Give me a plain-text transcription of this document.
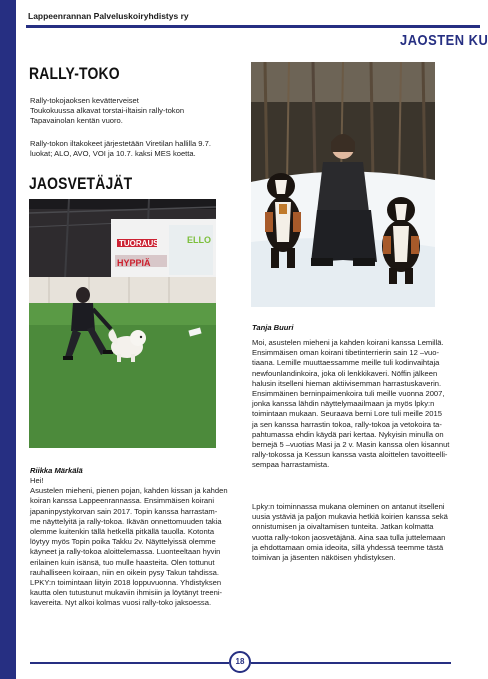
Lappeenrannan Palveluskoiryhdistys ry
JAOSTEN KU
RALLY-TOKO
Rally-tokojaoksen kevätterveiset
Toukokuussa alkavat torstai-iltaisin rally-tokon
Tapavainolan kentän vuoro.
Rally-tokon iltakokeet järjestetään Viretilan hallilla 9.7.
luokat; ALO, AVO, VOI ja 10.7. kaksi MES koetta.
JAOSVETÄJÄT
TUORAUS
HYPPIÄ
ELLO
Riikka Märkälä
Hei!
Asustelen mieheni, pienen pojan, kahden kissan ja kahden
koiran kanssa Lappeenrannassa. Ensimmäisen koirani
japaninpystykorvan sain 2017. Topin kanssa harrastam-
me näyttelyitä ja rally-tokoa. Ikävän onnettomuuden takia
olemme kuitenkin tällä hetkellä pitkällä tauolla. Kotonta
löytyy myös Topin poika Takku 2v. Näyttelyissä olemme
käyneet ja rally-tokoa aloittelemassa. Luonteeltaan hyvin
erilainen kuin isänsä, tuo mulle haasteita. Olen tottunut
rauhalliseen koiraan, niin en oikein pysy Takun tahdissa.
LPKY:n toimintaan liityin 2018 loppuvuonna. Yhdistyksen
kautta olen tutustunut mukaviin ihmisiin ja löytänyt treeni-
kavereita. Nyt alkoi kolmas vuosi rally-toko jaksoessa.
Tanja Buuri
Moi, asustelen mieheni ja kahden koirani kanssa Lemillä.
Ensimmäisen oman koirani tibetinterrierin sain 12 –vuo-
tiaana. Lemille muuttaessamme meille tuli kodinvaihtaja
newfounlandinkoira, joka oli lenkkikaveri. Nöffin jälkeen
halusin itselleni hieman aktiivisemman harrastuskaverin.
Ensimmäinen berninpaimenkoira tuli meille vuonna 2007,
jonka kanssa lähdin näyttelymaailmaan ja myös lpky:n
toimintaan mukaan. Seuraava berni Lore tuli meille 2015
ja sen kanssa harrastin tokoa, rally-tokoa ja vetokoira ta-
pahtumassa ehdin käydä pari kertaa. Nykyisin minulla on
bernejä 5 –vuotias Masi ja 2 v. Masin kanssa olen kisannut
rally-tokossa ja Kessun kanssa vasta aloittelen tavoitteelli-
sempaa harrastamista.
Lpky:n toiminnassa mukana oleminen on antanut itselleni
uusia ystäviä ja paljon mukavia hetkiä koirien kanssa sekä
onnistumisen ja oivaltamisen tunteita. Jatkan kolmatta
vuotta rally-tokon jaosvetäjänä. Aina saa tulla juttelemaan
ja ehdottamaan omia ideoita, sillä yhdessä teemme tästä
toimivan ja jäsenten näköisen yhdistyksen.
18
